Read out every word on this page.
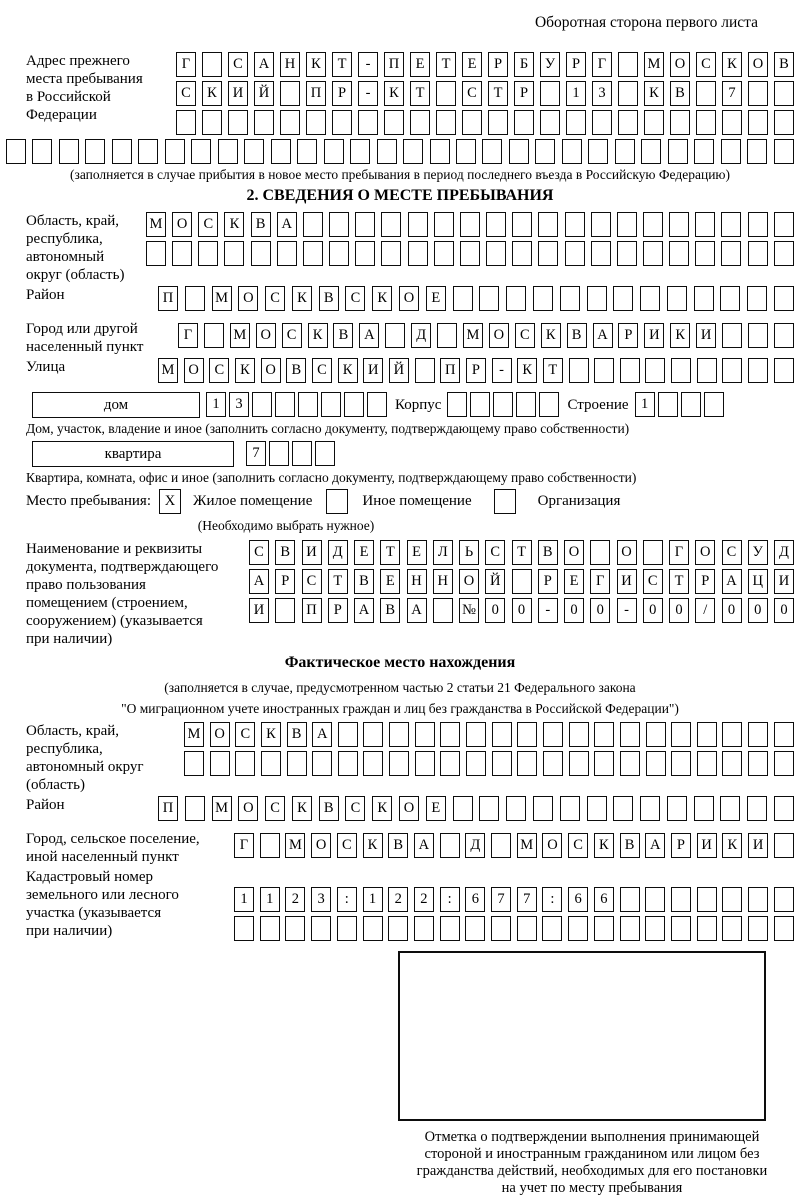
Оборотная сторона первого листа
Адрес прежнего
места пребывания
в Российской
Федерации
Г	С	А	Н	К	Т	-	П	Е	Т	Е	Р	Б	У	Р	Г	М О	С	К	О	В
С	К	И	Й	П	Р	-	К	Т	С	Т	Р	1	3	К	В	7
(заполняется в случае прибытия в новое место пребывания в период последнего въезда в Российскую Федерацию)
2. СВЕДЕНИЯ О МЕСТЕ ПРЕБЫВАНИЯ
Область, край,
республика,
автономный
округ (область)
М О	С	К	В	А
Район	П	М	О	С	К	В	С	К	О	Е
Город или другой
населенный пункт
Г	М О	С	К	В	А	Д	М О	С	К	В	А	Р	И	К	И
Улица	М О	С	К	О	В	С	К	И	Й	П	Р	-	К	Т
дом	1	3	Корпус	Строение 1
Дом, участок, владение и иное (заполнить согласно документу, подтверждающему право собственности)
квартира	7
Квартира, комната, офис и иное (заполнить согласно документу, подтверждающему право собственности)
Место пребывания: X	Жилое помещение	Иное помещение	Организация
(Необходимо выбрать нужное)
Наименование и реквизиты
документа, подтверждающего
право пользования
помещением (строением,
сооружением) (указывается
при наличии)
С	В	И	Д	Е	Т	Е	Л	Ь	С	Т	В	О	О	Г	О	С	У	Д
А	Р	С	Т	В	Е	Н	Н	О	Й	Р	Е	Г	И	С	Т	Р	А	Ц	И
И	П	Р	А	В	А	№	0	0	-	0	0	-	0	0	/	0	0	0
Фактическое место нахождения
(заполняется в случае, предусмотренном частью 2 статьи 21 Федерального закона
"О миграционном учете иностранных граждан и лиц без гражданства в Российской Федерации")
Область, край,
республика,
автономный округ
(область)
М О	С	К	В	А
Район	П	М	О	С	К	В	С	К	О	Е
Город, сельское поселение,
иной населенный пункт
Г	М О	С	К	В	А	Д	М О	С	К	В	А	Р	И	К	И
Кадастровый номер
земельного или лесного
участка (указывается
при наличии)
1	1	2	3	:	1	2	2	:	6	7	7	:	6	6
Отметка о подтверждении выполнения принимающей
стороной и иностранным гражданином или лицом без
гражданства действий, необходимых для его постановки
на учет по месту пребывания
